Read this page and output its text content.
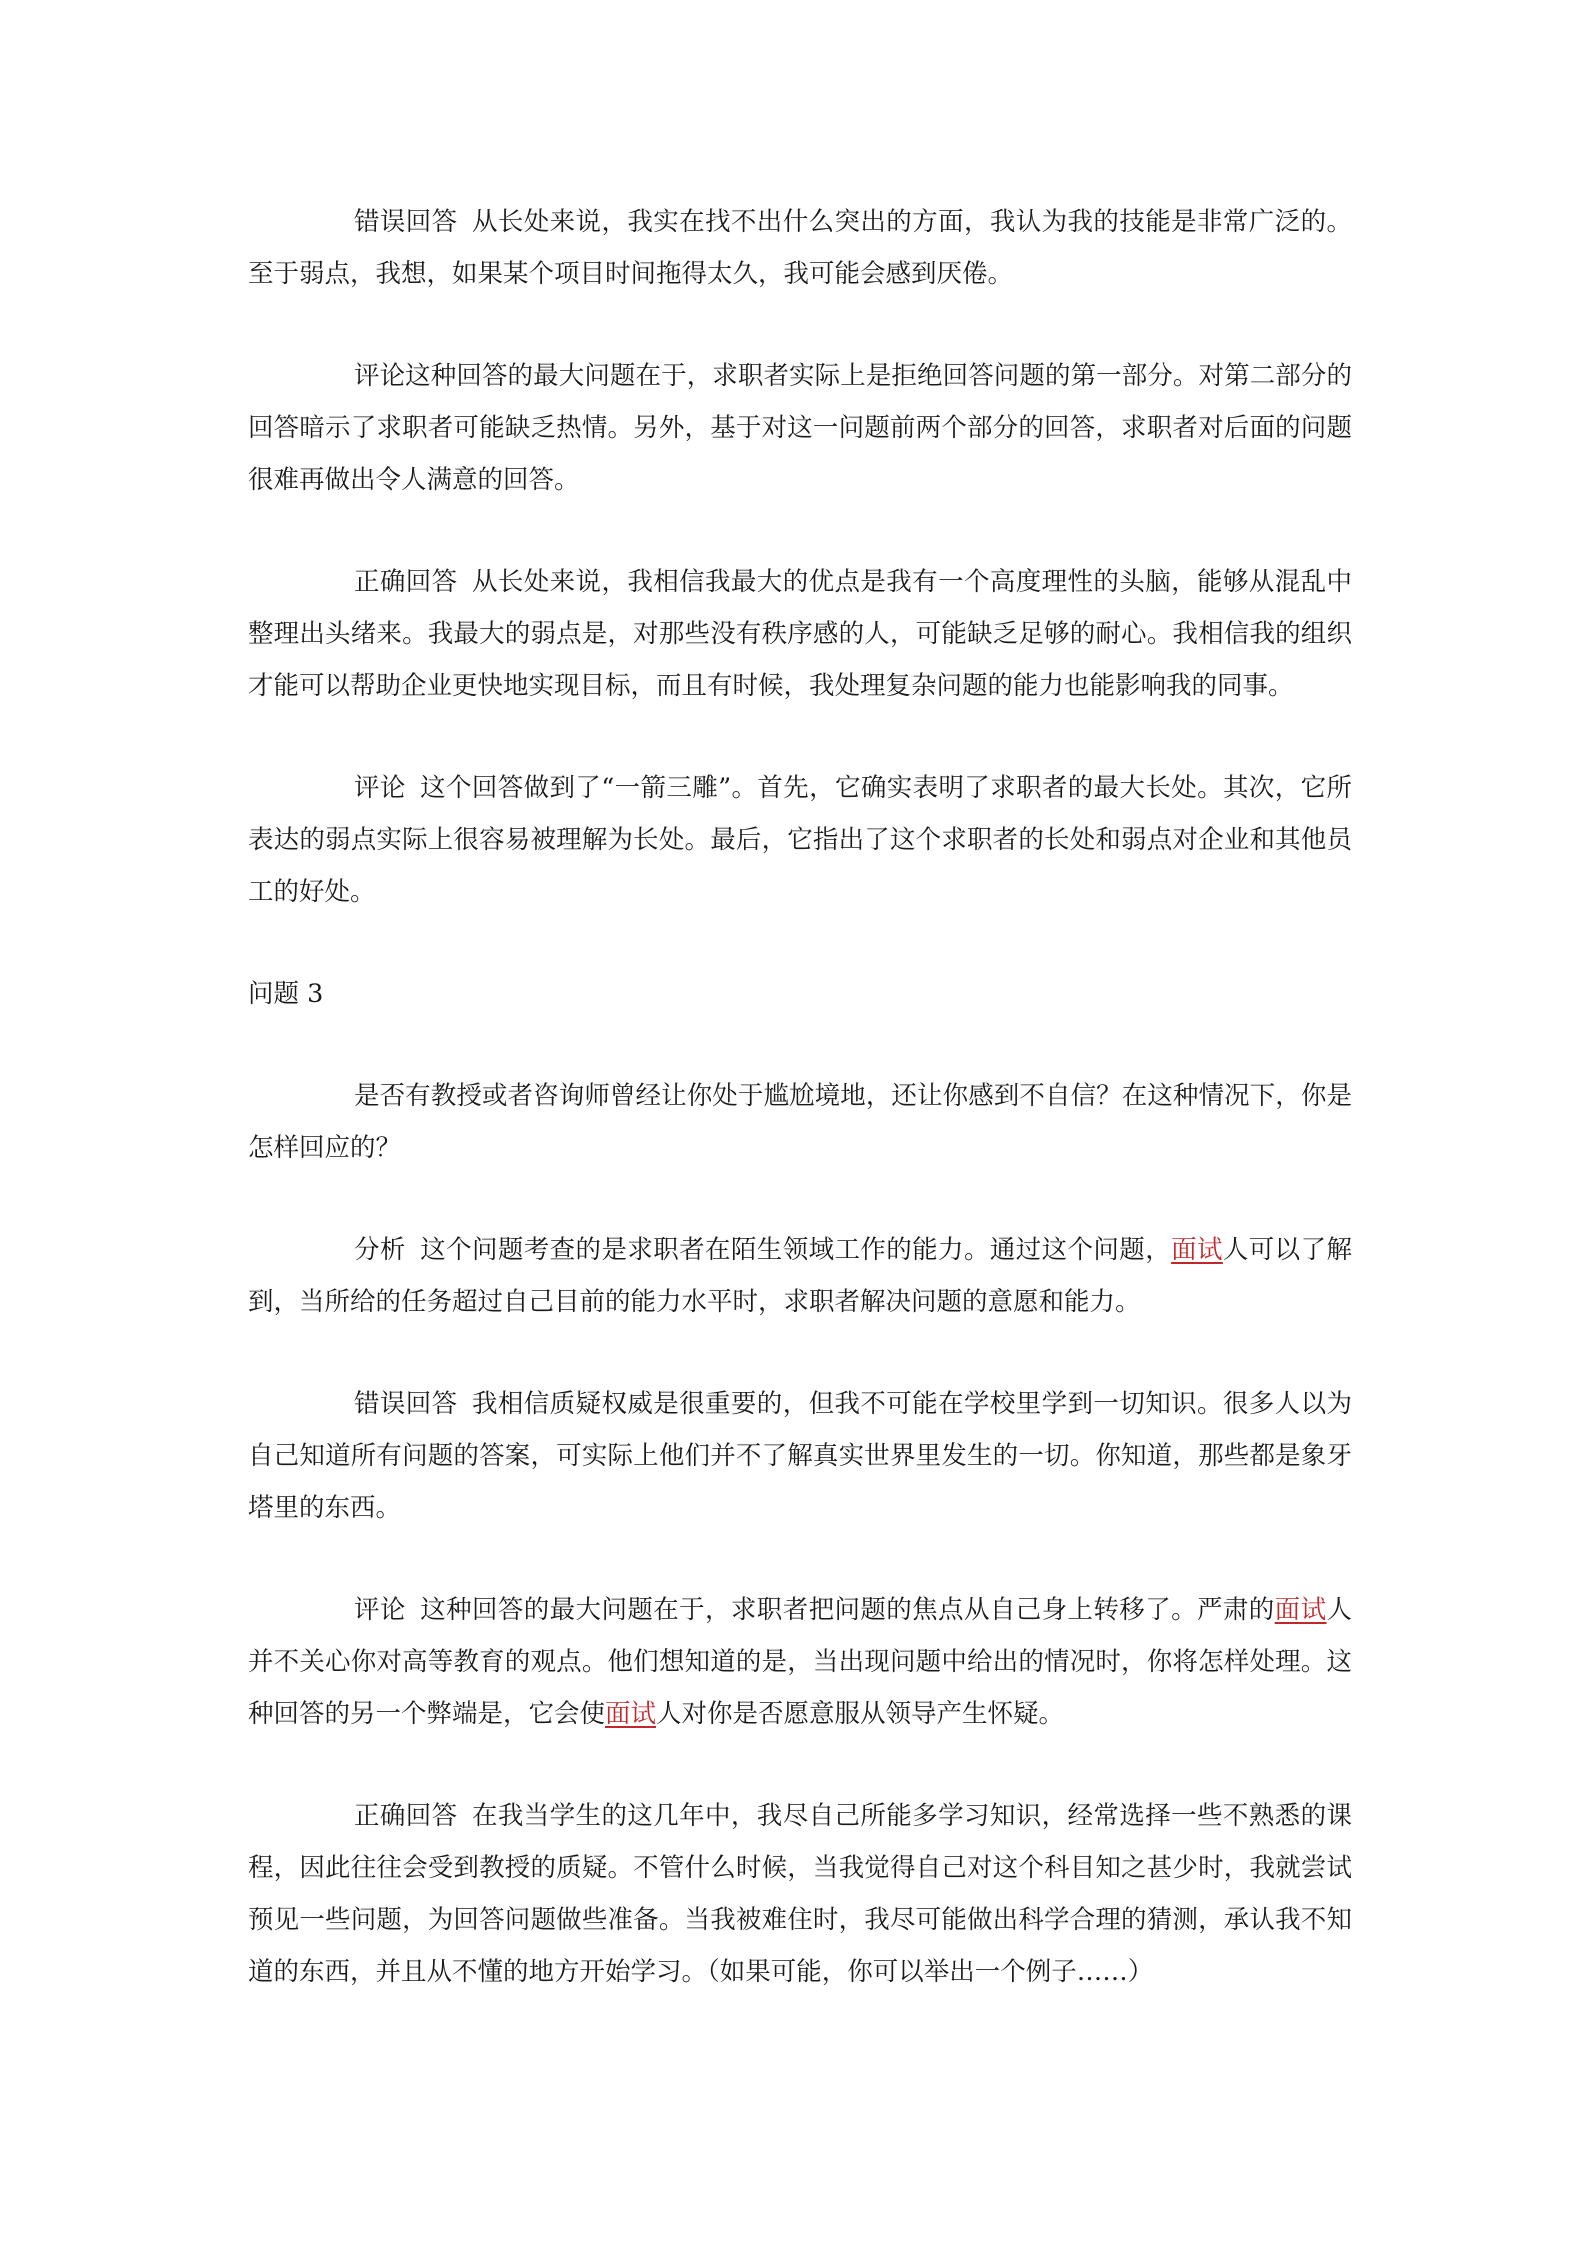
错误回答 从长处来说，我实在找不出什么突出的方面，我认为我的技能是非常广泛的。至于弱点，我想，如果某个项目时间拖得太久，我可能会感到厌倦。

评论这种回答的最大问题在于，求职者实际上是拒绝回答问题的第一部分。对第二部分的回答暗示了求职者可能缺乏热情。另外，基于对这一问题前两个部分的回答，求职者对后面的问题很难再做出令人满意的回答。

正确回答 从长处来说，我相信我最大的优点是我有一个高度理性的头脑，能够从混乱中整理出头绪来。我最大的弱点是，对那些没有秩序感的人，可能缺乏足够的耐心。我相信我的组织才能可以帮助企业更快地实现目标，而且有时候，我处理复杂问题的能力也能影响我的同事。

评论 这个回答做到了“一箭三雕”。首先，它确实表明了求职者的最大长处。其次，它所表达的弱点实际上很容易被理解为长处。最后，它指出了这个求职者的长处和弱点对企业和其他员工的好处。

问题 3

是否有教授或者咨询师曾经让你处于尴尬境地，还让你感到不自信？在这种情况下，你是怎样回应的？

分析 这个问题考查的是求职者在陌生领域工作的能力。通过这个问题，面试人可以了解到，当所给的任务超过自己目前的能力水平时，求职者解决问题的意愿和能力。

错误回答 我相信质疑权威是很重要的，但我不可能在学校里学到一切知识。很多人以为自己知道所有问题的答案，可实际上他们并不了解真实世界里发生的一切。你知道，那些都是象牙塔里的东西。

评论 这种回答的最大问题在于，求职者把问题的焦点从自己身上转移了。严肃的面试人并不关心你对高等教育的观点。他们想知道的是，当出现问题中给出的情况时，你将怎样处理。这种回答的另一个弊端是，它会使面试人对你是否愿意服从领导产生怀疑。

正确回答 在我当学生的这几年中，我尽自己所能多学习知识，经常选择一些不熟悉的课程，因此往往会受到教授的质疑。不管什么时候，当我觉得自己对这个科目知之甚少时，我就尝试预见一些问题，为回答问题做些准备。当我被难住时，我尽可能做出科学合理的猜测，承认我不知道的东西，并且从不懂的地方开始学习。（如果可能，你可以举出一个例子……）
